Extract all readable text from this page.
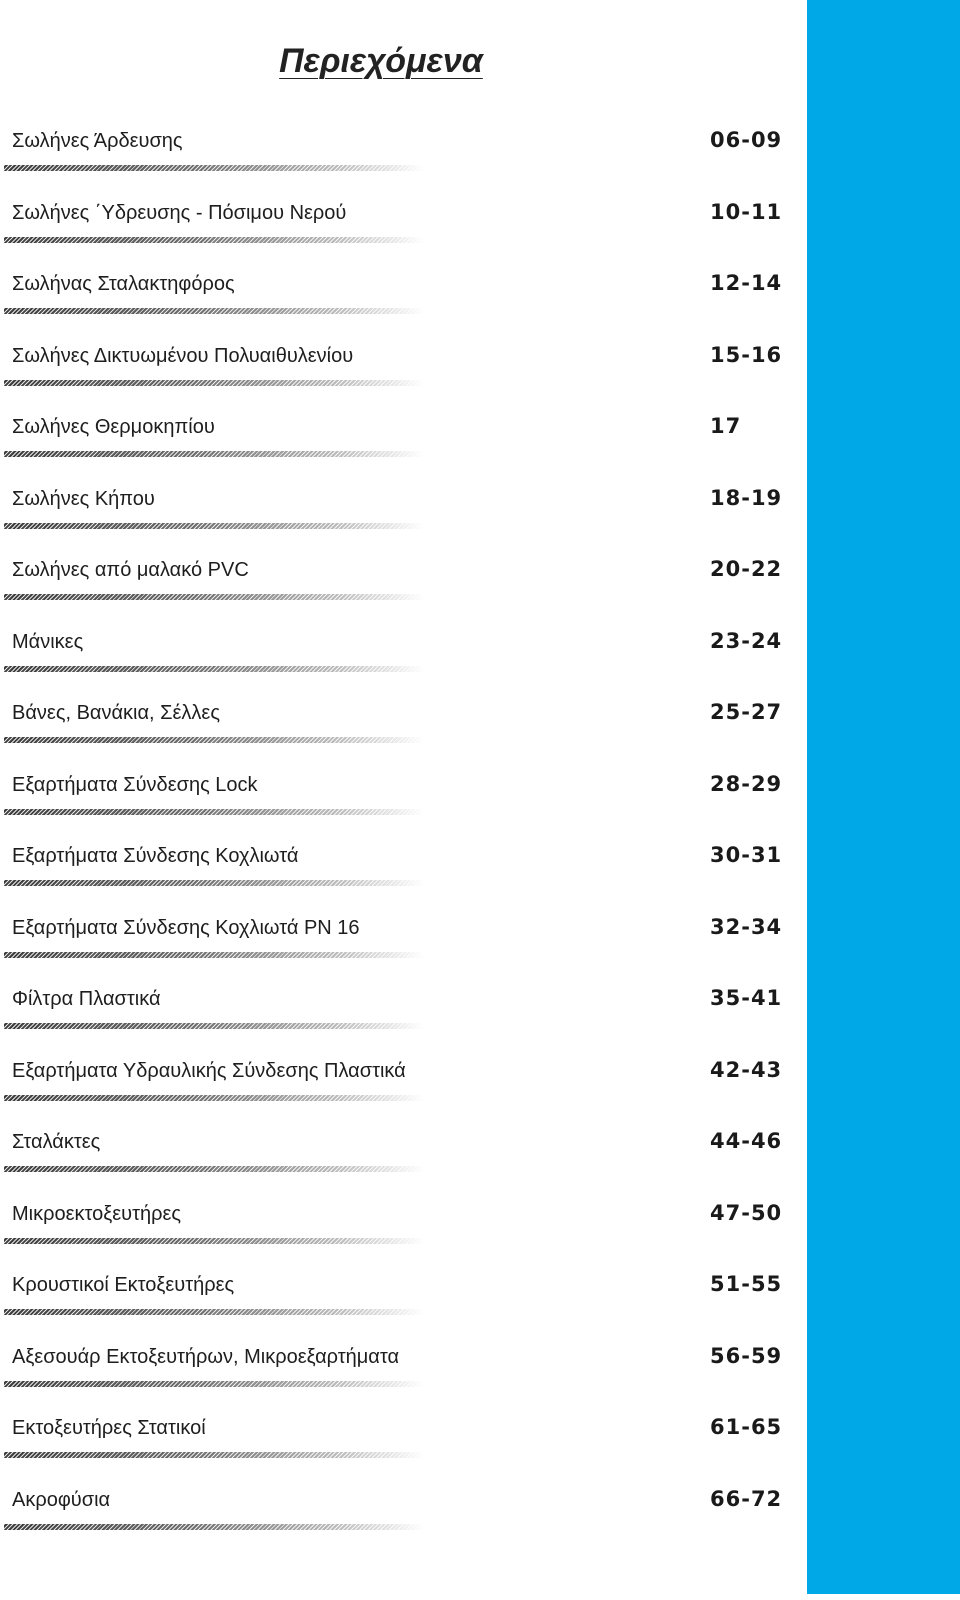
Περιεχόμενα
Σωλήνες Άρδευσης	06-09
Σωλήνες ΄Υδρευσης - Πόσιμου Νερού	10-11
Σωλήνας Σταλακτηφόρος	12-14
Σωλήνες Δικτυωμένου Πολυαιθυλενίου	15-16
Σωλήνες Θερμοκηπίου	17
Σωλήνες Κήπου	18-19
Σωλήνες από μαλακό PVC	20-22
Μάνικες	23-24
Βάνες, Βανάκια, Σέλλες	25-27
Εξαρτήματα Σύνδεσης Lock	28-29
Εξαρτήματα Σύνδεσης Κοχλιωτά	30-31
Εξαρτήματα Σύνδεσης Κοχλιωτά PN 16	32-34
Φίλτρα Πλαστικά	35-41
Εξαρτήματα Υδραυλικής Σύνδεσης Πλαστικά	42-43
Σταλάκτες	44-46
Μικροεκτοξευτήρες	47-50
Κρουστικοί Εκτοξευτήρες	51-55
Αξεσουάρ Εκτοξευτήρων, Μικροεξαρτήματα	56-59
Εκτοξευτήρες Στατικοί	61-65
Ακροφύσια	66-72
